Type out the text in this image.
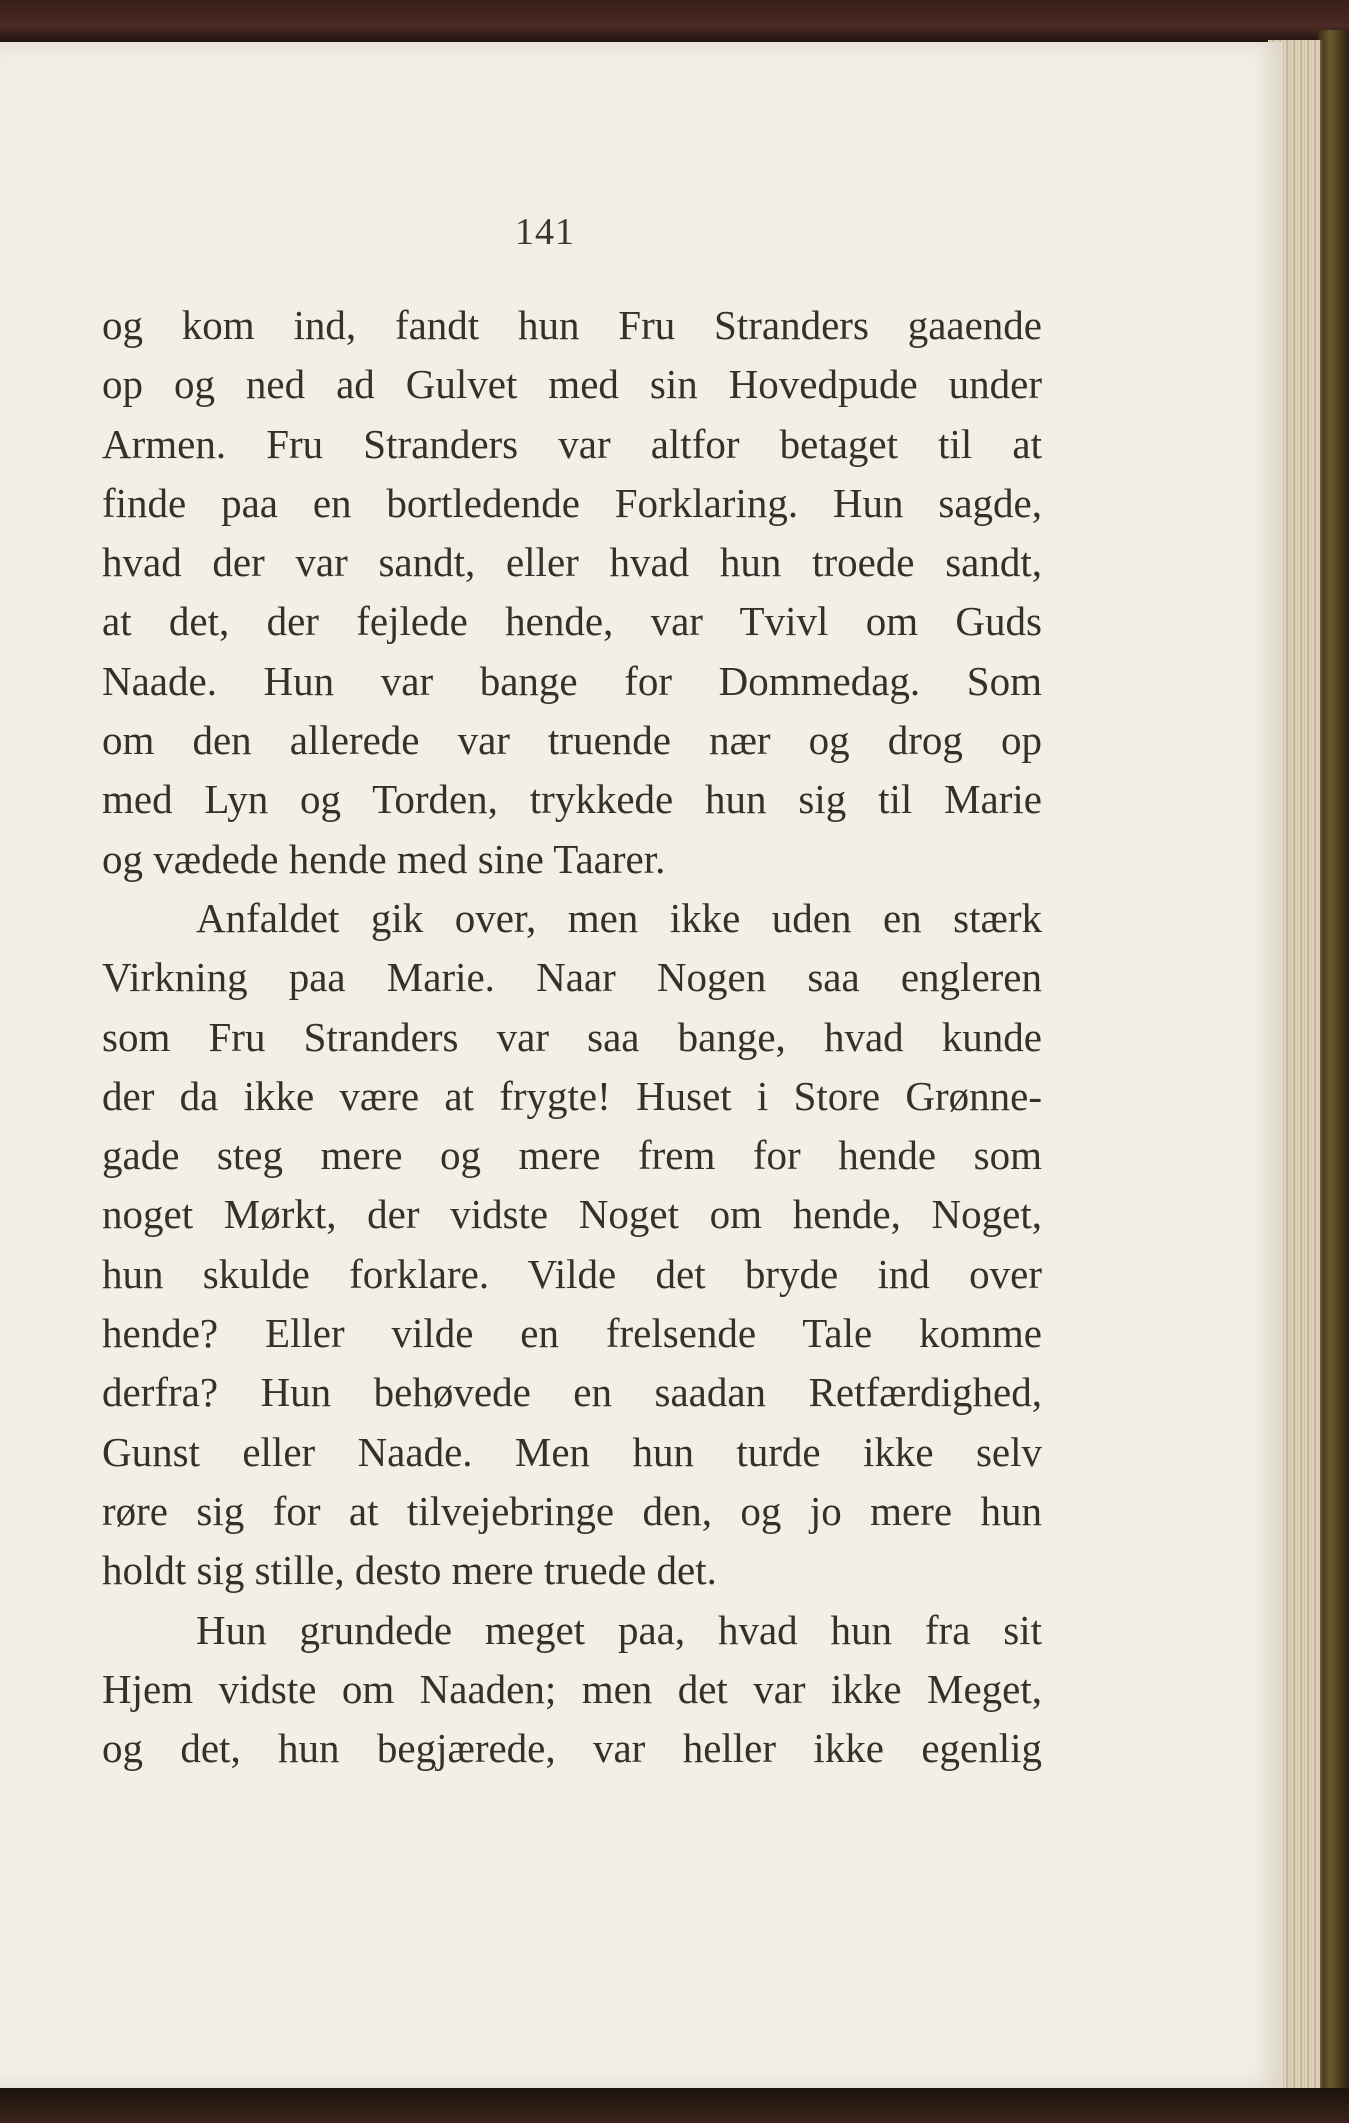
141
og kom ind, fandt hun Fru Stranders gaaende
op og ned ad Gulvet med sin Hovedpude under
Armen. Fru Stranders var altfor betaget til at
finde paa en bortledende Forklaring. Hun sagde,
hvad der var sandt, eller hvad hun troede sandt,
at det, der fejlede hende, var Tvivl om Guds
Naade. Hun var bange for Dommedag. Som
om den allerede var truende nær og drog op
med Lyn og Torden, trykkede hun sig til Marie
og vædede hende med sine Taarer.
Anfaldet gik over, men ikke uden en stærk
Virkning paa Marie. Naar Nogen saa engleren
som Fru Stranders var saa bange, hvad kunde
der da ikke være at frygte! Huset i Store Grønne-
gade steg mere og mere frem for hende som
noget Mørkt, der vidste Noget om hende, Noget,
hun skulde forklare. Vilde det bryde ind over
hende? Eller vilde en frelsende Tale komme
derfra? Hun behøvede en saadan Retfærdighed,
Gunst eller Naade. Men hun turde ikke selv
røre sig for at tilvejebringe den, og jo mere hun
holdt sig stille, desto mere truede det.
Hun grundede meget paa, hvad hun fra sit
Hjem vidste om Naaden; men det var ikke Meget,
og det, hun begjærede, var heller ikke egenlig
